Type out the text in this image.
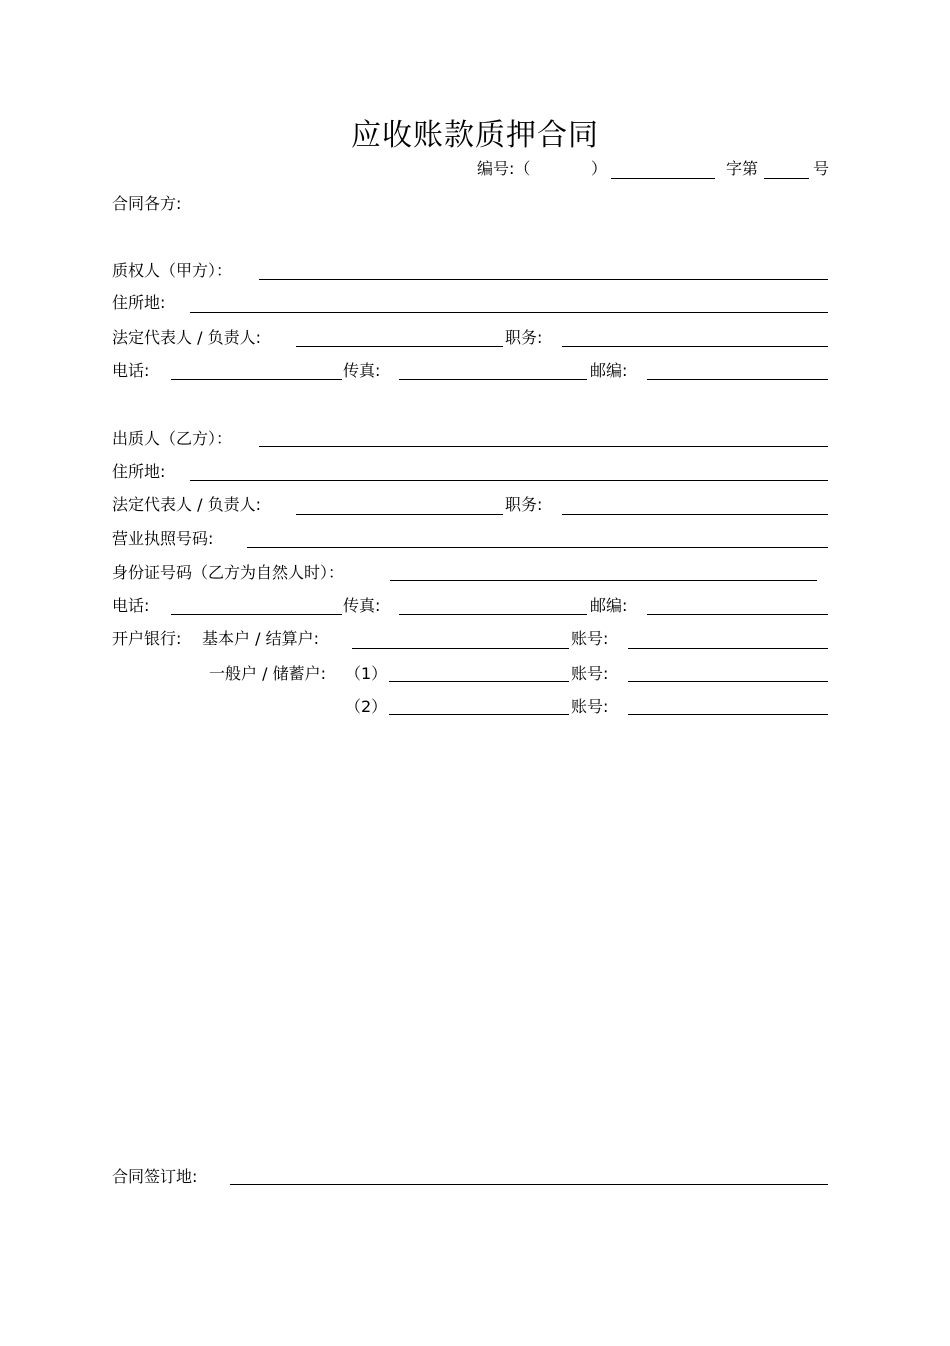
应收账款质押合同
编号:（	）	字第	号
合同各方:
质权人（甲方）：
住所地:
法定代表人 / 负责人:	职务:
电话:	传真:	邮编:
出质人（乙方）：
住所地:
法定代表人 / 负责人:	职务:
营业执照号码:
身份证号码（乙方为自然人时）：
电话:	传真:	邮编:
开户银行: 基本户 / 结算户:	账号:
一般户 / 储蓄户: （1）	账号:
（2）	账号:
合同签订地:
